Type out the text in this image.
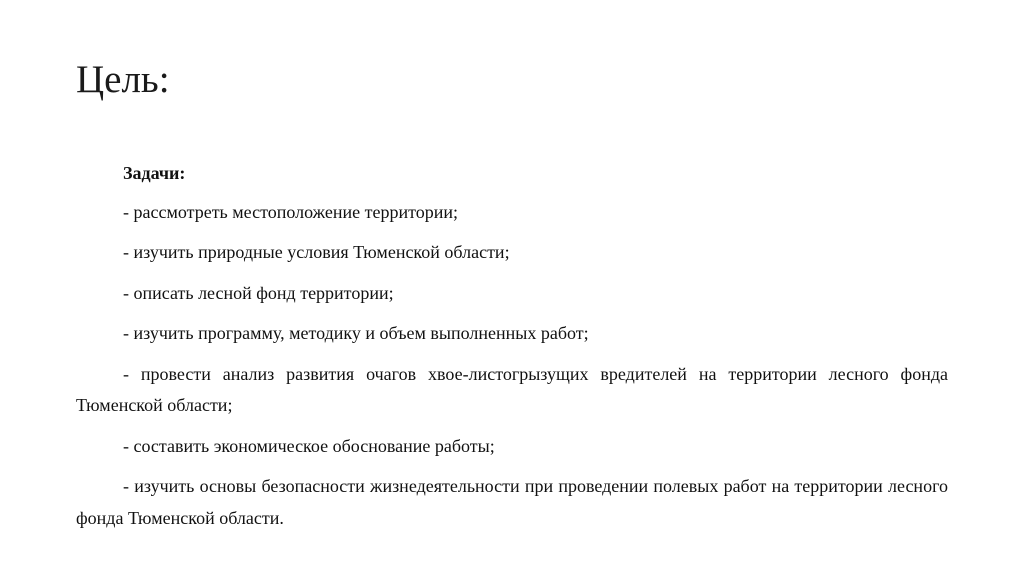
Цель:

Задачи:

- рассмотреть местоположение территории;

- изучить природные условия Тюменской области;

- описать лесной фонд территории;

- изучить программу, методику и объем выполненных работ;

- провести анализ развития очагов хвое-листогрызущих вредителей на территории лесного фонда Тюменской области;

- составить экономическое обоснование работы;

- изучить основы безопасности жизнедеятельности при проведении полевых работ на территории лесного фонда Тюменской области.
